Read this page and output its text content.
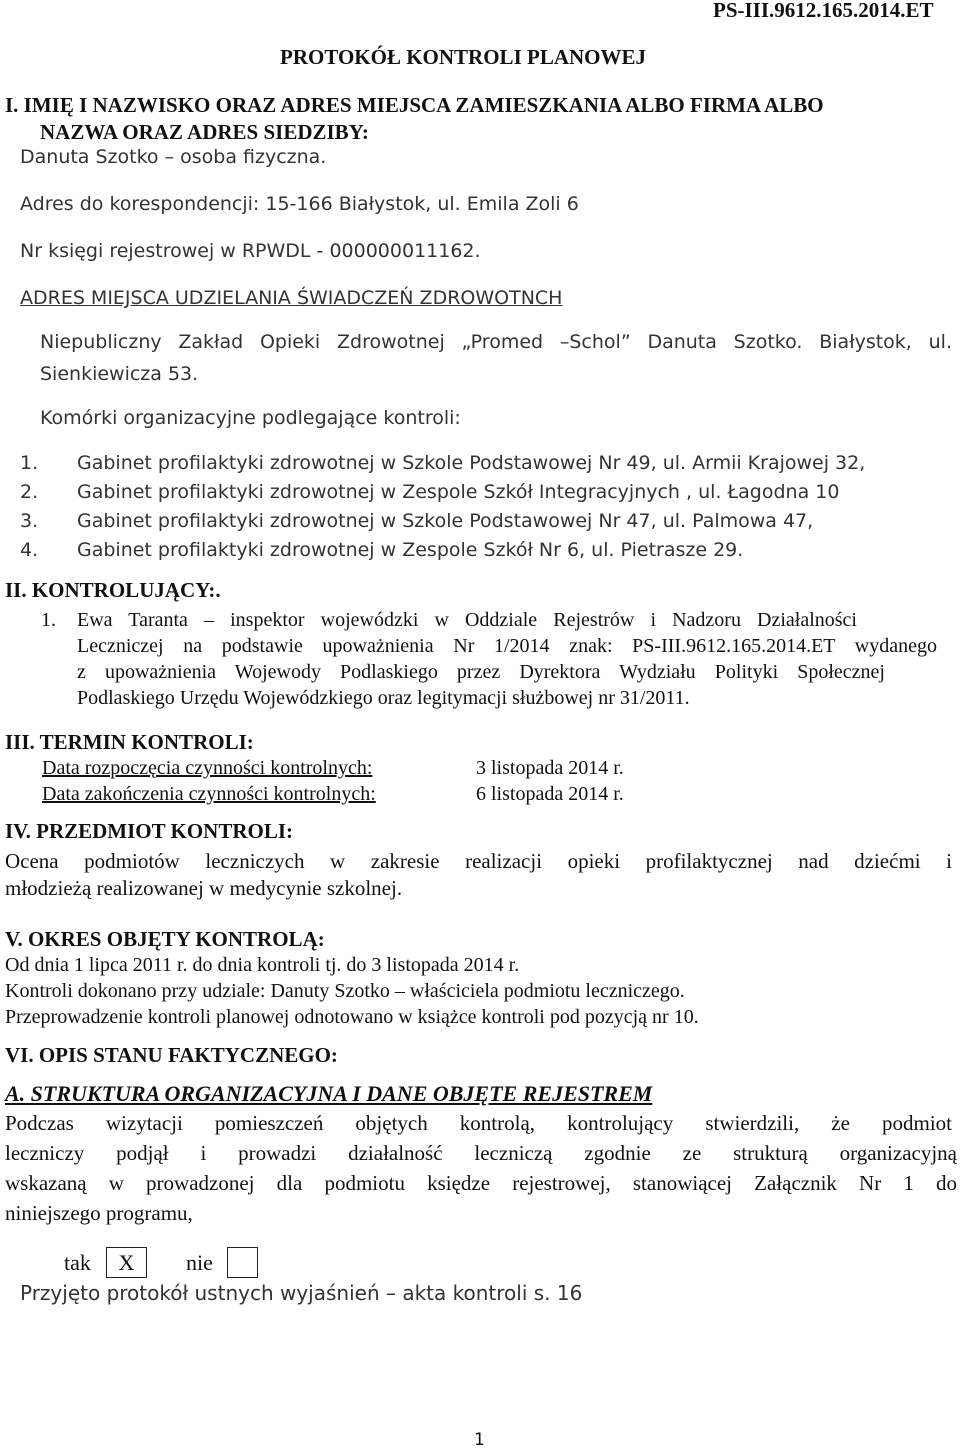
PS-III.9612.165.2014.ET
PROTOKÓŁ KONTROLI PLANOWEJ
I. IMIĘ I NAZWISKO ORAZ ADRES MIEJSCA ZAMIESZKANIA ALBO FIRMA ALBO
NAZWA ORAZ ADRES SIEDZIBY:
Danuta Szotko – osoba fizyczna.
Adres do korespondencji: 15-166 Białystok, ul. Emila Zoli 6
Nr księgi rejestrowej w RPWDL - 000000011162.
ADRES MIEJSCA UDZIELANIA ŚWIADCZEŃ ZDROWOTNCH
Niepubliczny Zakład Opieki Zdrowotnej „Promed –Schol” Danuta Szotko. Białystok, ul.
Sienkiewicza 53.
Komórki organizacyjne podlegające kontroli:
1. Gabinet profilaktyki zdrowotnej w Szkole Podstawowej Nr 49, ul. Armii Krajowej 32,
2. Gabinet profilaktyki zdrowotnej w Zespole Szkół Integracyjnych , ul. Łagodna 10
3. Gabinet profilaktyki zdrowotnej w Szkole Podstawowej Nr 47, ul. Palmowa 47,
4. Gabinet profilaktyki zdrowotnej w Zespole Szkół Nr 6, ul. Pietrasze 29.
II. KONTROLUJĄCY:.
1. Ewa Taranta – inspektor wojewódzki w Oddziale Rejestrów i Nadzoru Działalności
Leczniczej na podstawie upoważnienia Nr 1/2014 znak: PS-III.9612.165.2014.ET wydanego
z upoważnienia Wojewody Podlaskiego przez Dyrektora Wydziału Polityki Społecznej
Podlaskiego Urzędu Wojewódzkiego oraz legitymacji służbowej nr 31/2011.
III. TERMIN KONTROLI:
Data rozpoczęcia czynności kontrolnych:	3 listopada 2014 r.
Data zakończenia czynności kontrolnych:	6 listopada 2014 r.
IV. PRZEDMIOT KONTROLI:
Ocena podmiotów leczniczych w zakresie realizacji opieki profilaktycznej nad dziećmi i
młodzieżą realizowanej w medycynie szkolnej.
V. OKRES OBJĘTY KONTROLĄ:
Od dnia 1 lipca 2011 r. do dnia kontroli tj. do 3 listopada 2014 r.
Kontroli dokonano przy udziale: Danuty Szotko – właściciela podmiotu leczniczego.
Przeprowadzenie kontroli planowej odnotowano w książce kontroli pod pozycją nr 10.
VI. OPIS STANU FAKTYCZNEGO:
A. STRUKTURA ORGANIZACYJNA I DANE OBJĘTE REJESTREM
Podczas wizytacji pomieszczeń objętych kontrolą, kontrolujący stwierdzili, że podmiot
leczniczy podjął i prowadzi działalność leczniczą zgodnie ze strukturą organizacyjną
wskazaną w prowadzonej dla podmiotu księdze rejestrowej, stanowiącej Załącznik Nr 1 do
niniejszego programu,
tak	X	nie
Przyjęto protokół ustnych wyjaśnień – akta kontroli s. 16
1
